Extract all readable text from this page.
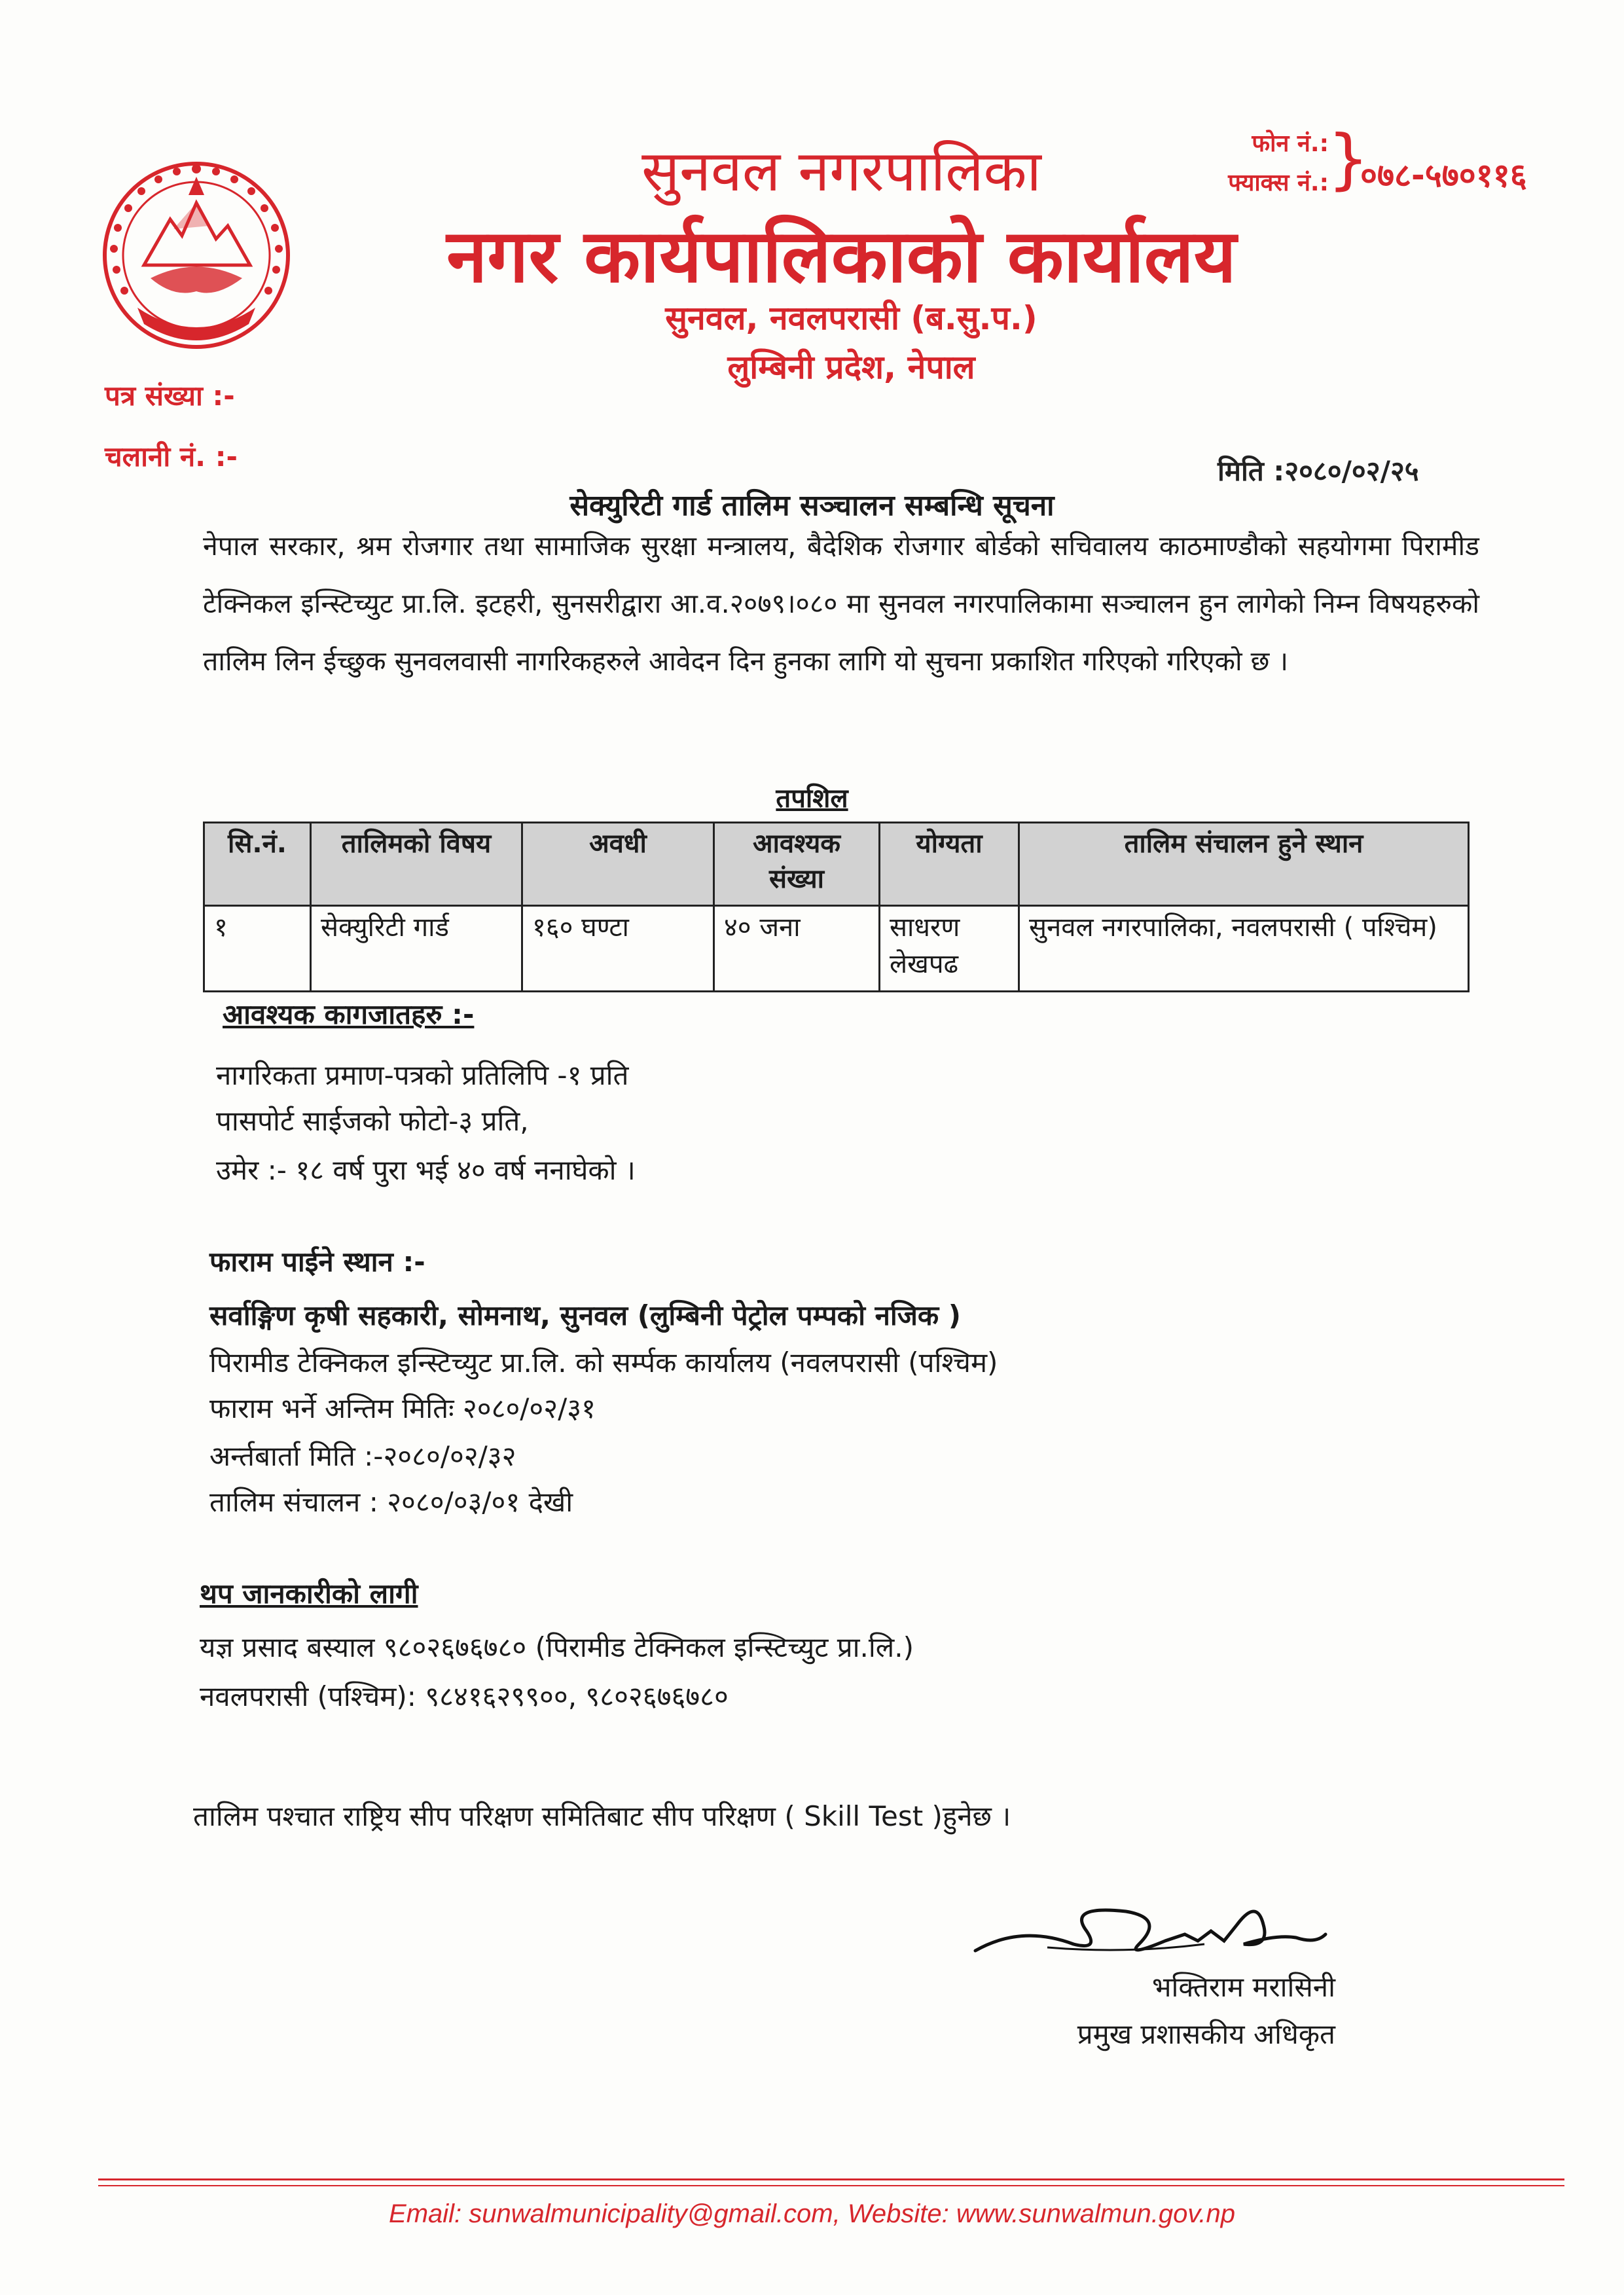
सुनवल नगरपालिका
नगर कार्यपालिकाको कार्यालय
सुनवल, नवलपरासी (ब.सु.प.)
लुम्बिनी प्रदेश, नेपाल
फोन नं.:
फ्याक्स नं.:
}
०७८-५७०११६
पत्र संख्या :-
चलानी नं. :-	मिति :२०८०/०२/२५
सेक्युरिटी गार्ड तालिम सञ्चालन सम्बन्धि सूचना
नेपाल सरकार, श्रम रोजगार तथा सामाजिक सुरक्षा मन्त्रालय, बैदेशिक रोजगार बोर्डको सचिवालय काठमाण्डौको सहयोगमा पिरामीड टेक्निकल इन्स्टिच्युट प्रा.लि. इटहरी, सुनसरीद्वारा आ.व.२०७९।०८० मा सुनवल नगरपालिकामा सञ्चालन हुन लागेको निम्न विषयहरुको तालिम लिन ईच्छुक सुनवलवासी नागरिकहरुले आवेदन दिन हुनका लागि यो सुचना प्रकाशित गरिएको गरिएको छ ।
तपशिल
सि.नं.	तालिमको विषय	अवधी	आवश्यक संख्या	योग्यता	तालिम संचालन हुने स्थान
१	सेक्युरिटी गार्ड	१६० घण्टा	४० जना	साधरण लेखपढ	सुनवल नगरपालिका, नवलपरासी ( पश्चिम)
आवश्यक कागजातहरु :-
नागरिकता प्रमाण-पत्रको प्रतिलिपि -१ प्रति
पासपोर्ट साईजको फोटो-३ प्रति,
उमेर :- १८ वर्ष पुरा भई ४० वर्ष ननाघेको ।
फाराम पाईने स्थान :-
सर्वाङ्गिण कृषी सहकारी, सोमनाथ, सुनवल (लुम्बिनी पेट्रोल पम्पको नजिक )
पिरामीड टेक्निकल इन्स्टिच्युट प्रा.लि. को सर्म्पक कार्यालय (नवलपरासी (पश्चिम)
फाराम भर्ने अन्तिम मितिः २०८०/०२/३१
अर्न्तबार्ता मिति :-२०८०/०२/३२
तालिम संचालन : २०८०/०३/०१ देखी
थप जानकारीको लागी
यज्ञ प्रसाद बस्याल ९८०२६७६७८० (पिरामीड टेक्निकल इन्स्टिच्युट प्रा.लि.)
नवलपरासी (पश्चिम): ९८४१६२९९००, ९८०२६७६७८०
तालिम पश्चात राष्ट्रिय सीप परिक्षण समितिबाट सीप परिक्षण ( Skill Test )हुनेछ ।
भक्तिराम मरासिनी
प्रमुख प्रशासकीय अधिकृत
Email: sunwalmunicipality@gmail.com, Website: www.sunwalmun.gov.np
